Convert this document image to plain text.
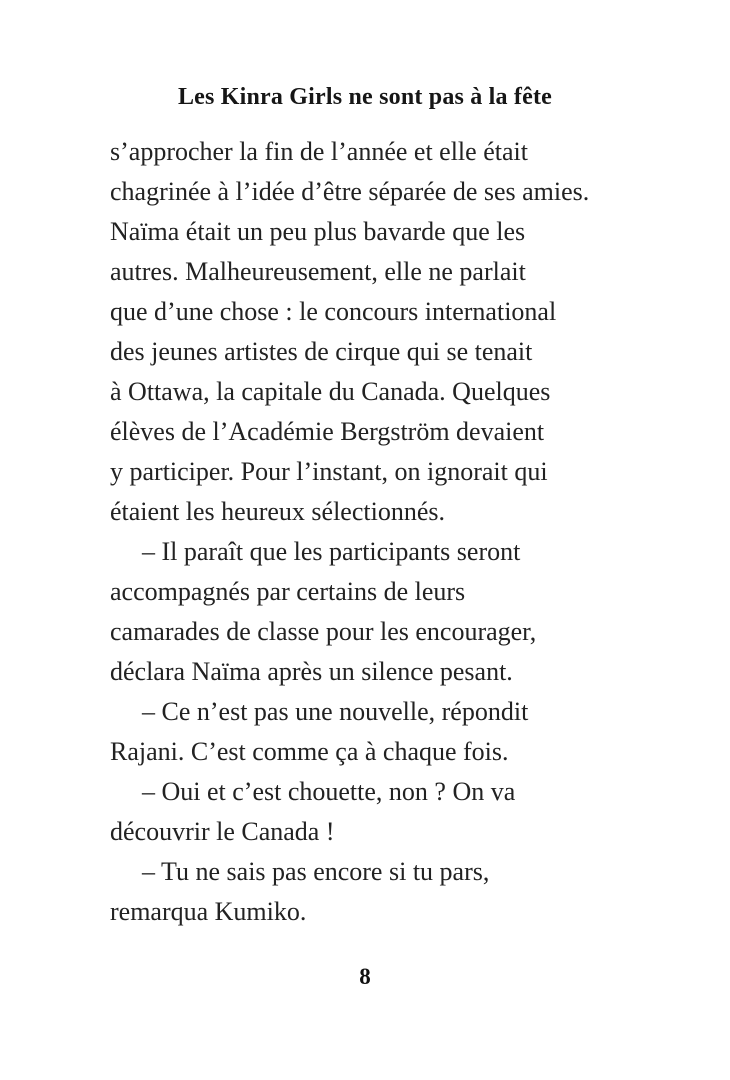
Les Kinra Girls ne sont pas à la fête
s’approcher la fin de l’année et elle était
chagrinée à l’idée d’être séparée de ses amies.
Naïma était un peu plus bavarde que les
autres. Malheureusement, elle ne parlait
que d’une chose : le concours international
des jeunes artistes de cirque qui se tenait
à Ottawa, la capitale du Canada. Quelques
élèves de l’Académie Bergström devaient
y participer. Pour l’instant, on ignorait qui
étaient les heureux sélectionnés.
– Il paraît que les participants seront
accompagnés par certains de leurs
camarades de classe pour les encourager,
déclara Naïma après un silence pesant.
– Ce n’est pas une nouvelle, répondit
Rajani. C’est comme ça à chaque fois.
– Oui et c’est chouette, non ? On va
découvrir le Canada !
– Tu ne sais pas encore si tu pars,
remarqua Kumiko.
8
